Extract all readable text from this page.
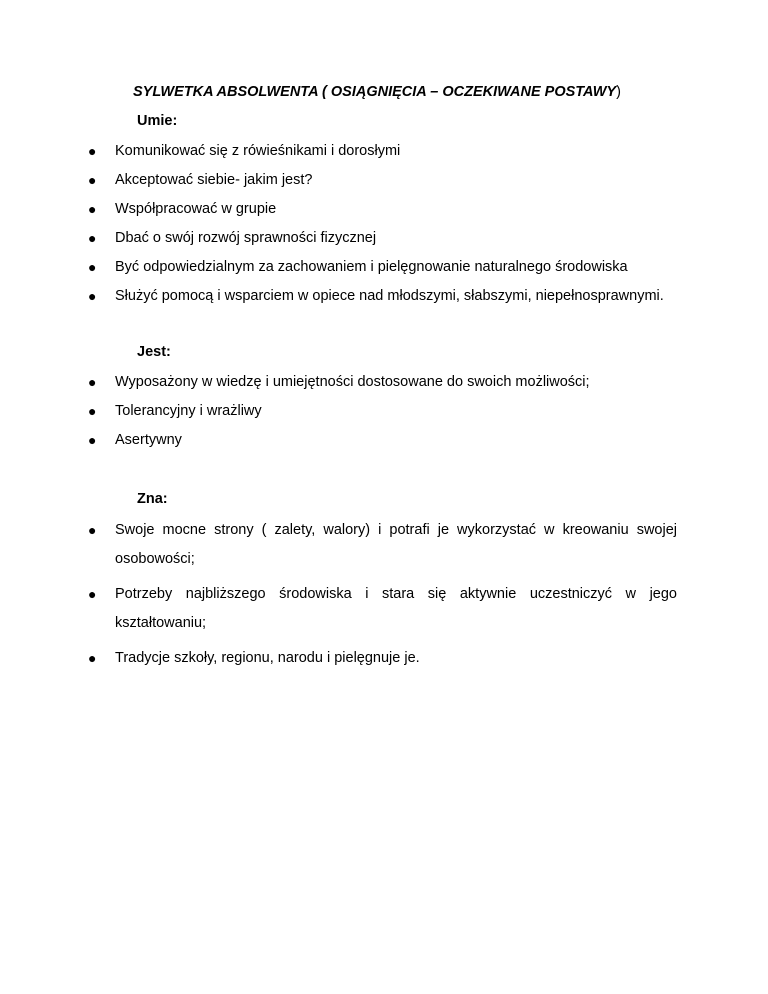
SYLWETKA ABSOLWENTA ( OSIĄGNIĘCIA – OCZEKIWANE POSTAWY)
Umie:
● Komunikować się z rówieśnikami i dorosłymi
● Akceptować siebie- jakim jest?
● Współpracować w grupie
● Dbać o swój rozwój sprawności fizycznej
● Być odpowiedzialnym za zachowaniem i pielęgnowanie naturalnego środowiska
● Służyć pomocą i wsparciem w opiece nad młodszymi, słabszymi, niepełnosprawnymi.
Jest:
● Wyposażony w wiedzę i umiejętności dostosowane do swoich możliwości;
● Tolerancyjny i wrażliwy
● Asertywny
Zna:
● Swoje mocne strony ( zalety, walory) i potrafi je wykorzystać w kreowaniu swojej osobowości;
● Potrzeby najbliższego środowiska i stara się aktywnie uczestniczyć w jego kształtowaniu;
● Tradycje szkoły, regionu, narodu i pielęgnuje je.
